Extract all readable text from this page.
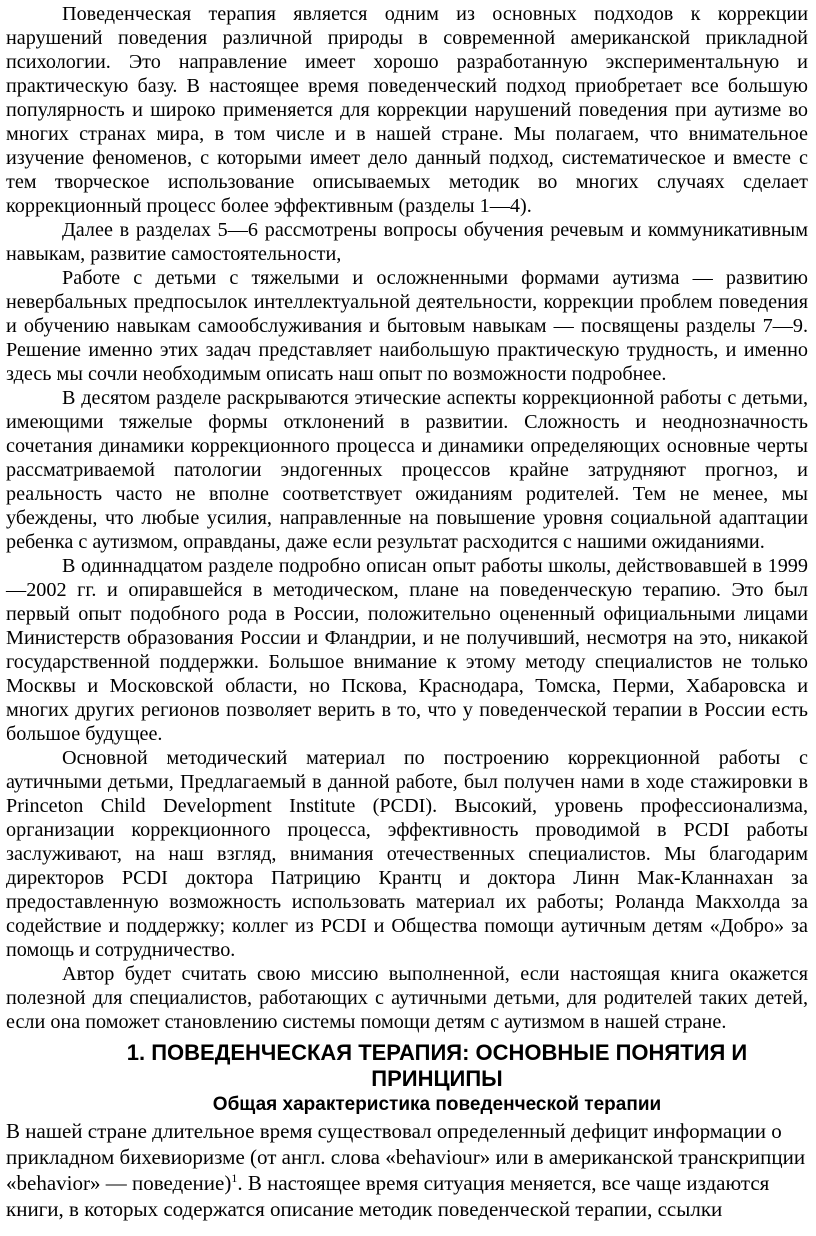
Поведенческая терапия является одним из основных подходов к коррекции нарушений поведения различной природы в современной американской прикладной психологии. Это направление имеет хорошо разработанную экспериментальную и практическую базу. В настоящее время поведенческий подход приобретает все большую популярность и широко применяется для коррекции нарушений поведения при аутизме во многих странах мира, в том числе и в нашей стране. Мы полагаем, что внимательное изучение феноменов, с которыми имеет дело данный подход, систематическое и вместе с тем творческое использование описываемых методик во многих случаях сделает коррекционный процесс более эффективным (разделы 1—4).

Далее в разделах 5—6 рассмотрены вопросы обучения речевым и коммуникативным навыкам, развитие самостоятельности,

Работе с детьми с тяжелыми и осложненными формами аутизма — развитию невербальных предпосылок интеллектуальной деятельности, коррекции проблем поведения и обучению навыкам самообслуживания и бытовым навыкам — посвящены разделы 7—9. Решение именно этих задач представляет наибольшую практическую трудность, и именно здесь мы сочли необходимым описать наш опыт по возможности подробнее.

В десятом разделе раскрываются этические аспекты коррекционной работы с детьми, имеющими тяжелые формы отклонений в развитии. Сложность и неоднозначность сочетания динамики коррекционного процесса и динамики определяющих основные черты рассматриваемой патологии эндогенных процессов крайне затрудняют прогноз, и реальность часто не вполне соответствует ожиданиям родителей. Тем не менее, мы убеждены, что любые усилия, направленные на повышение уровня социальной адаптации ребенка с аутизмом, оправданы, даже если результат расходится с нашими ожиданиями.

В одиннадцатом разделе подробно описан опыт работы школы, действовавшей в 1999—2002 гг. и опиравшейся в методическом, плане на поведенческую терапию. Это был первый опыт подобного рода в России, положительно оцененный официальными лицами Министерств образования России и Фландрии, и не получивший, несмотря на это, никакой государственной поддержки. Большое внимание к этому методу специалистов не только Москвы и Московской области, но Пскова, Краснодара, Томска, Перми, Хабаровска и многих других регионов позволяет верить в то, что у поведенческой терапии в России есть большое будущее.

Основной методический материал по построению коррекционной работы с аутичными детьми, Предлагаемый в данной работе, был получен нами в ходе стажировки в Princeton Child Development Institute (PCDI). Высокий, уровень профессионализма, организации коррекционного процесса, эффективность проводимой в PCDI работы заслуживают, на наш взгляд, внимания отечественных специалистов. Мы благодарим директоров PCDI доктора Патрицию Крантц и доктора Линн Мак-Кланнахан за предоставленную возможность использовать материал их работы; Роланда Макхолда за содействие и поддержку; коллег из PCDI и Общества помощи аутичным детям «Добро» за помощь и сотрудничество.

Автор будет считать свою миссию выполненной, если настоящая книга окажется полезной для специалистов, работающих с аутичными детьми, для родителей таких детей, если она поможет становлению системы помощи детям с аутизмом в нашей стране.

1. ПОВЕДЕНЧЕСКАЯ ТЕРАПИЯ: ОСНОВНЫЕ ПОНЯТИЯ И ПРИНЦИПЫ
Общая характеристика поведенческой терапии

В нашей стране длительное время существовал определенный дефицит информации о прикладном бихевиоризме (от англ. слова «behaviour» или в американской транскрипции «behavior» — поведение)$^1$. В настоящее время ситуация меняется, все чаще издаются книги, в которых содержатся описание методик поведенческой терапии, ссылки
